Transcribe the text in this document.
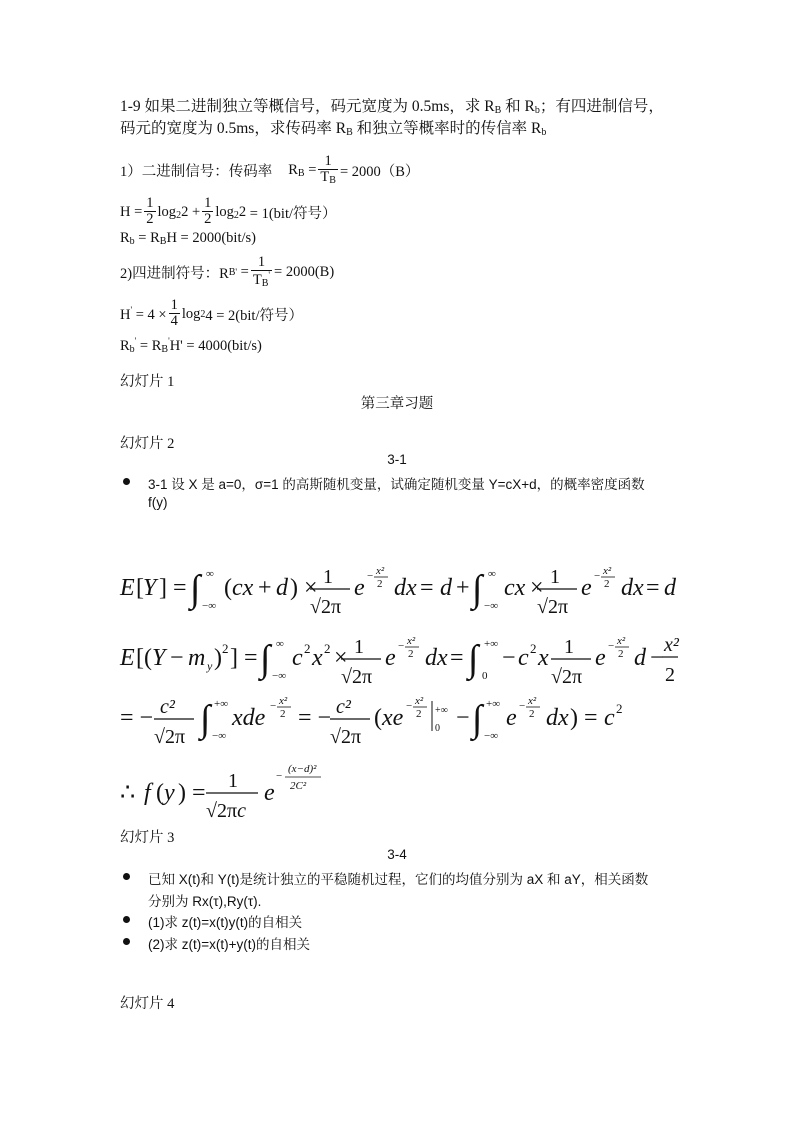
1-9 如果二进制独立等概信号，码元宽度为 0.5ms，求 $R_B$ 和 $R_b$；有四进制信号，
码元的宽度为 0.5ms，求传码率 $R_B$ 和独立等概率时的传信率 $R_b$
1）二进制信号：传码率 $R_B = \frac{1}{T_B} = 2000(B)$
$H = \frac{1}{2} \log_22 + \frac{1}{2} \log_22$
= 1(bit/符号）
$R_b = R_BH = 2000(bit/s)$
2)四进制符号：R B ' = $\frac{1}{T_B'} = 2000(B)$
$H' = 4 \times \frac{1}{4}$ log 2 4 = 2(bit/符号）
$R_b' = R_B'H' = 4000(bit/s)$
幻灯片 1
第三章习题
幻灯片 2
3-1
3-1 设 X 是 a=0，σ=1 的高斯随机变量，试确定随机变量 Y=cX+d，的概率密度函数
f(y)
E [ Y ] = ∫ ∞
−∞
( cx + d ) × 1
√2π
e − x²
2 dx = d + ∫ ∞
−∞
cx × 1
√2π
e − x²
2 dx = d
E [( Y − m y ) 2 ] = ∫ ∞
−∞
c 2 x 2 × 1
√2π
e − x²
2 dx = ∫ +∞
0
− c 2 x 1
√2π
e − x²
2 d − x²
2
= − c²
√2π ∫ +∞
−∞
xde − x²
2 = − c²
√2π
( xe − x²
2 +∞
0 − ∫ +∞
−∞
e − x²
2 dx ) = c 2
∴ f ( y ) = 1
√2πc
e
−
(x−d)²
2C²
幻灯片 3
3-4
已知 X(t)和 Y(t)是统计独立的平稳随机过程，它们的均值分别为 aX 和 aY，相关函数
分别为 Rx(τ),Ry(τ).
(1)求 z(t)=x(t)y(t)的自相关
(2)求 z(t)=x(t)+y(t)的自相关
幻灯片 4
